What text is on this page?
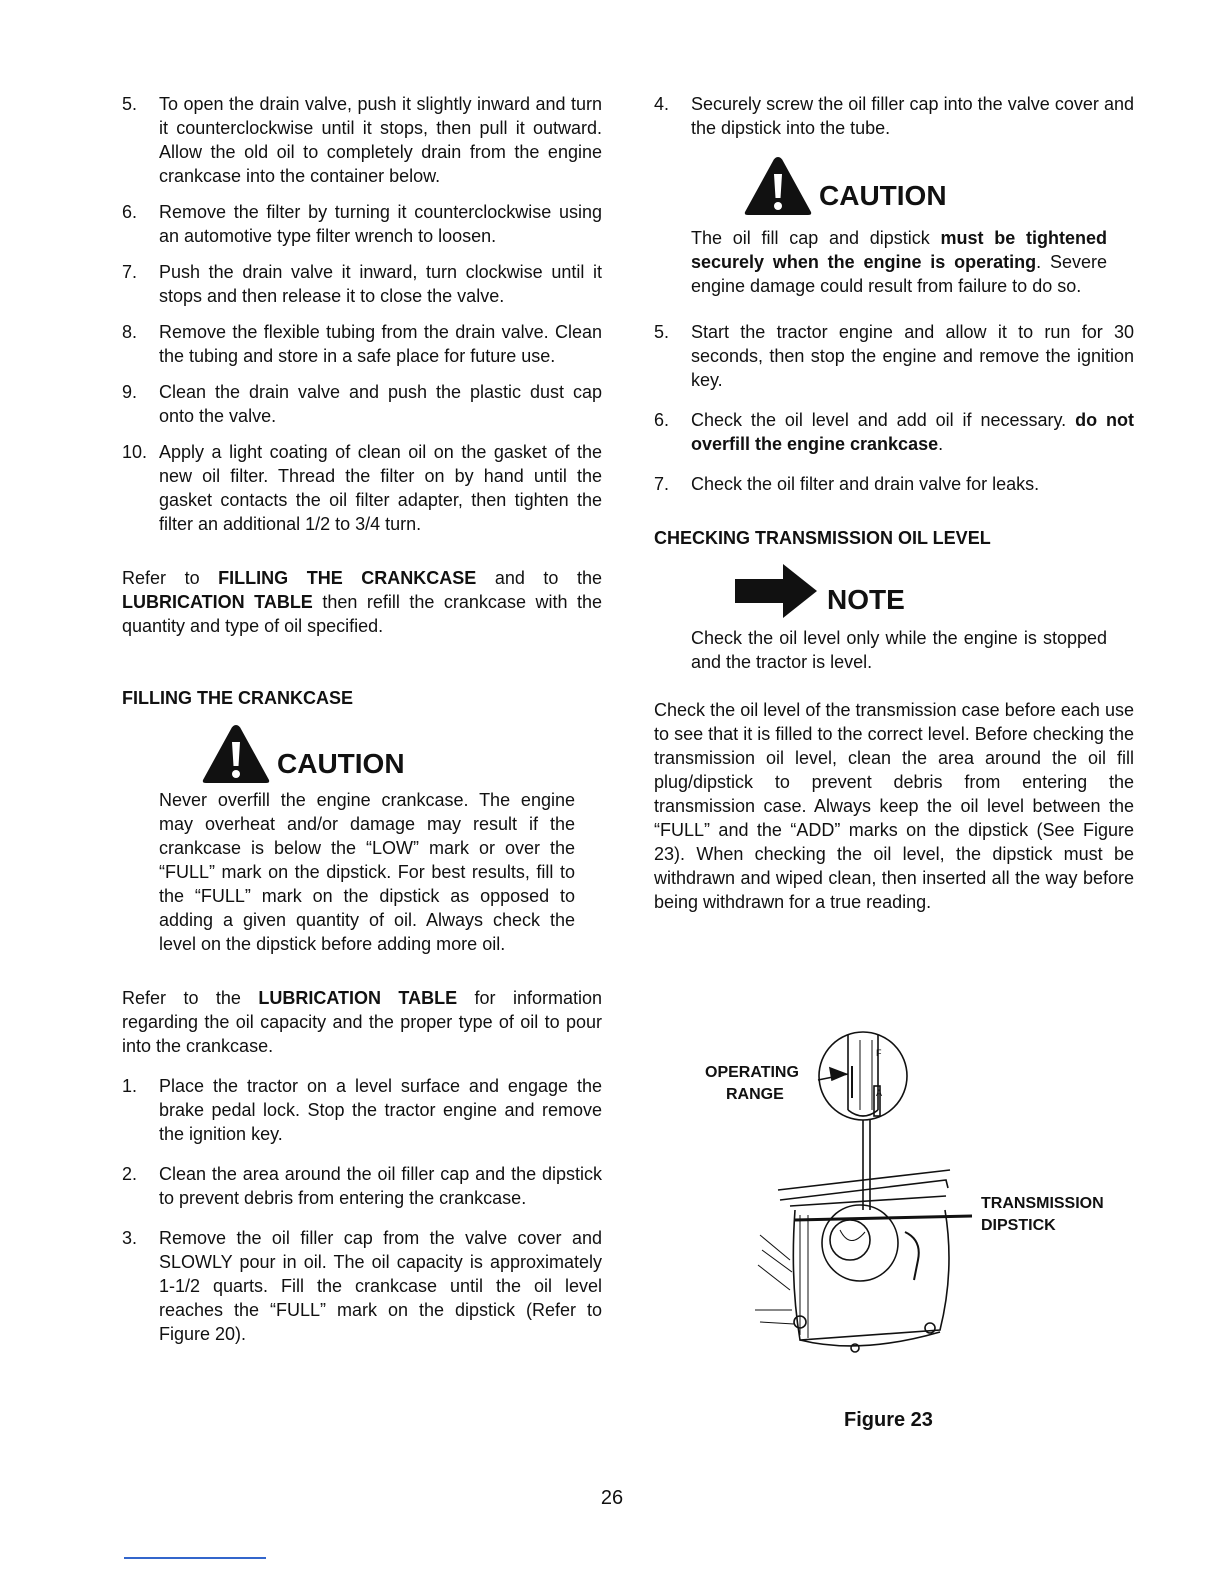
5. To open the drain valve, push it slightly inward and turn it counterclockwise until it stops, then pull it outward. Allow the old oil to completely drain from the engine crankcase into the container below.
6. Remove the filter by turning it counterclockwise using an automotive type filter wrench to loosen.
7. Push the drain valve it inward, turn clockwise until it stops and then release it to close the valve.
8. Remove the flexible tubing from the drain valve. Clean the tubing and store in a safe place for future use.
9. Clean the drain valve and push the plastic dust cap onto the valve.
10. Apply a light coating of clean oil on the gasket of the new oil filter. Thread the filter on by hand until the gasket contacts the oil filter adapter, then tighten the filter an additional 1/2 to 3/4 turn.

Refer to FILLING THE CRANKCASE and to the LUBRICATION TABLE then refill the crankcase with the quantity and type of oil specified.

FILLING THE CRANKCASE
CAUTION

Never overfill the engine crankcase. The engine may overheat and/or damage may result if the crankcase is below the “LOW” mark or over the “FULL” mark on the dipstick. For best results, fill to the “FULL” mark on the dipstick as opposed to adding a given quantity of oil. Always check the level on the dipstick before adding more oil.

Refer to the LUBRICATION TABLE for information regarding the oil capacity and the proper type of oil to pour into the crankcase.

1. Place the tractor on a level surface and engage the brake pedal lock. Stop the tractor engine and remove the ignition key.
2. Clean the area around the oil filler cap and the dipstick to prevent debris from entering the crankcase.
3. Remove the oil filler cap from the valve cover and SLOWLY pour in oil. The oil capacity is approximately 1-1/2 quarts. Fill the crankcase until the oil level reaches the “FULL” mark on the dipstick (Refer to Figure 20).
4. Securely screw the oil filler cap into the valve cover and the dipstick into the tube.
CAUTION

The oil fill cap and dipstick must be tightened securely when the engine is operating. Severe engine damage could result from failure to do so.

5. Start the tractor engine and allow it to run for 30 seconds, then stop the engine and remove the ignition key.
6. Check the oil level and add oil if necessary. do not overfill the engine crankcase.
7. Check the oil filter and drain valve for leaks.
CHECKING TRANSMISSION OIL LEVEL
NOTE

Check the oil level only while the engine is stopped and the tractor is level.

Check the oil level of the transmission case before each use to see that it is filled to the correct level. Before checking the transmission oil level, clean the area around the oil fill plug/dipstick to prevent debris from entering the transmission case. Always keep the oil level between the “FULL” and the “ADD” marks on the dipstick (See Figure 23). When checking the oil level, the dipstick must be withdrawn and wiped clean, then inserted all the way before being withdrawn for a true reading.

OPERATING
RANGE
TRANSMISSION
DIPSTICK
F
A
Figure 23
26
